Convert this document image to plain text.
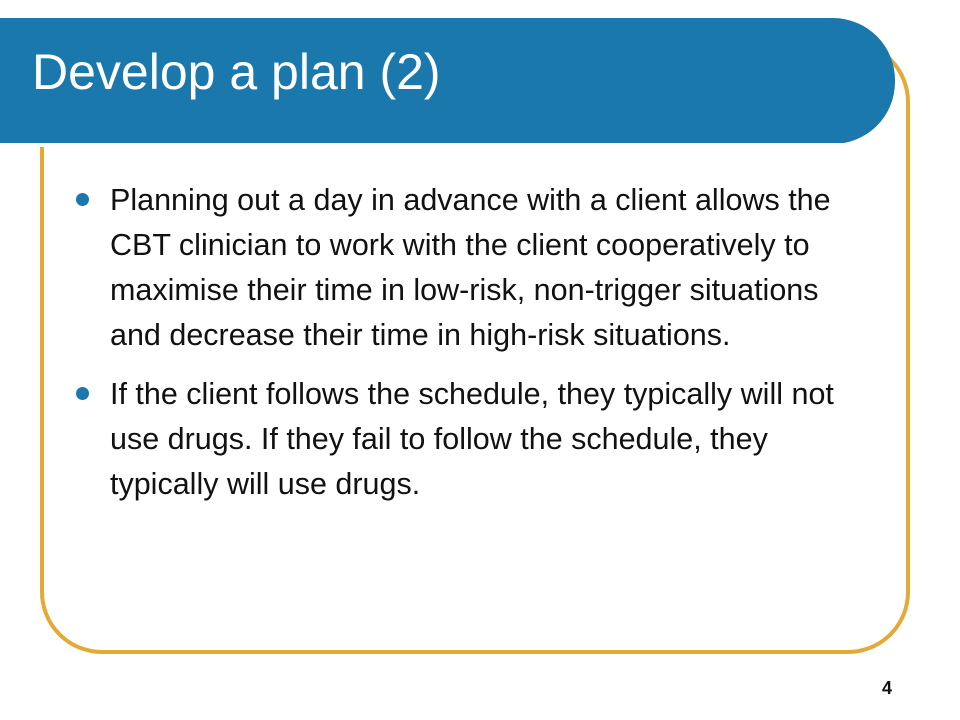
Develop a plan (2)
Planning out a day in advance with a client allows the CBT clinician to work with the client cooperatively to maximise their time in low-risk, non-trigger situations and decrease their time in high-risk situations.
If the client follows the schedule, they typically will not use drugs. If they fail to follow the schedule, they typically will use drugs.
4
